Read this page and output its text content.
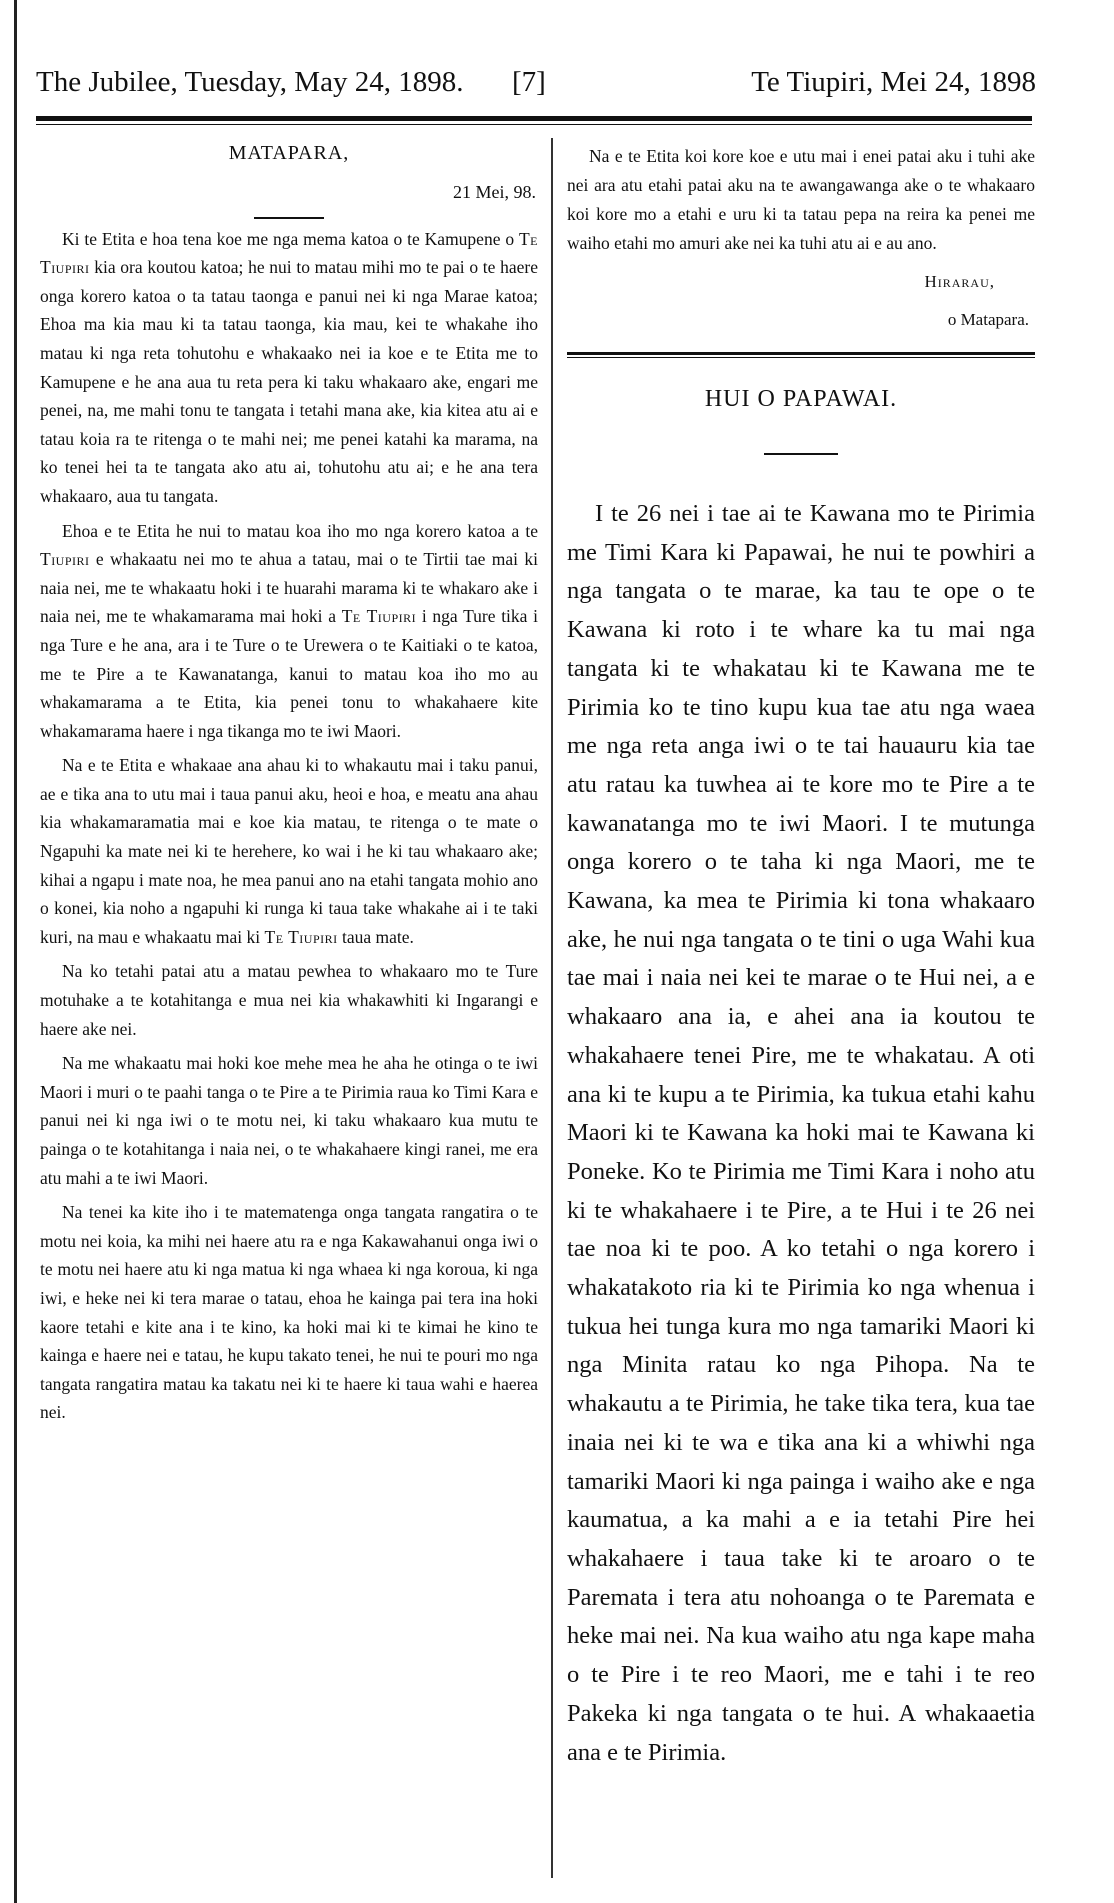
The Jubilee, Tuesday, May 24, 1898. [7]	Te Tiupiri, Mei 24, 1898

MATAPARA,

21 Mei, 98.

Ki te Etita e hoa tena koe me nga mema katoa o te Kamupene o Te Tiupiri kia ora koutou katoa; he nui to matau mihi mo te pai o te haere onga korero katoa o ta tatau taonga e panui nei ki nga Marae katoa; Ehoa ma kia mau ki ta tatau taonga, kia mau, kei te whakahe iho matau ki nga reta tohutohu e whakaako nei ia koe e te Etita me to Kamupene e he ana aua tu reta pera ki taku whakaaro ake, engari me penei, na, me mahi tonu te tangata i tetahi mana ake, kia kitea atu ai e tatau koia ra te ritenga o te mahi nei; me penei katahi ka marama, na ko tenei hei ta te tangata ako atu ai, tohutohu atu ai; e he ana tera whakaaro, aua tu tangata.

Ehoa e te Etita he nui to matau koa iho mo nga korero katoa a te Tiupiri e whakaatu nei mo te ahua a tatau, mai o te Tirtii tae mai ki naia nei, me te whakaatu hoki i te huarahi marama ki te whakaro ake i naia nei, me te whakamarama mai hoki a Te Tiupiri i nga Ture tika i nga Ture e he ana, ara i te Ture o te Urewera o te Kaitiaki o te katoa, me te Pire a te Kawanatanga, kanui to matau koa iho mo au whakamarama a te Etita, kia penei tonu to whakahaere kite whakamarama haere i nga tikanga mo te iwi Maori.

Na e te Etita e whakaae ana ahau ki to whakautu mai i taku panui, ae e tika ana to utu mai i taua panui aku, heoi e hoa, e meatu ana ahau kia whakamaramatia mai e koe kia matau, te ritenga o te mate o Ngapuhi ka mate nei ki te herehere, ko wai i he ki tau whakaaro ake; kihai a ngapu i mate noa, he mea panui ano na etahi tangata mohio ano o konei, kia noho a ngapuhi ki runga ki taua take whakahe ai i te taki kuri, na mau e whakaatu mai ki Te Tiupiri taua mate.

Na ko tetahi patai atu a matau pewhea to whakaaro mo te Ture motuhake a te kotahitanga e mua nei kia whakawhiti ki Ingarangi e haere ake nei.

Na me whakaatu mai hoki koe mehe mea he aha he otinga o te iwi Maori i muri o te paahi tanga o te Pire a te Pirimia raua ko Timi Kara e panui nei ki nga iwi o te motu nei, ki taku whakaaro kua mutu te painga o te kotahitanga i naia nei, o te whakahaere kingi ranei, me era atu mahi a te iwi Maori.

Na tenei ka kite iho i te matematenga onga tangata rangatira o te motu nei koia, ka mihi nei haere atu ra e nga Kakawahanui onga iwi o te motu nei haere atu ki nga matua ki nga whaea ki nga koroua, ki nga iwi, e heke nei ki tera marae o tatau, ehoa he kainga pai tera ina hoki kaore tetahi e kite ana i te kino, ka hoki mai ki te kimai he kino te kainga e haere nei e tatau, he kupu takato tenei, he nui te pouri mo nga tangata rangatira matau ka takatu nei ki te haere ki taua wahi e haerea nei.

Na e te Etita koi kore koe e utu mai i enei patai aku i tuhi ake nei ara atu etahi patai aku na te awangawanga ake o te whakaaro koi kore mo a etahi e uru ki ta tatau pepa na reira ka penei me waiho etahi mo amuri ake nei ka tuhi atu ai e au ano.

Hirarau,
o Matapara.

HUI O PAPAWAI.

I te 26 nei i tae ai te Kawana mo te Pirimia me Timi Kara ki Papawai, he nui te powhiri a nga tangata o te marae, ka tau te ope o te Kawana ki roto i te whare ka tu mai nga tangata ki te whakatau ki te Kawana me te Pirimia ko te tino kupu kua tae atu nga waea me nga reta anga iwi o te tai hauauru kia tae atu ratau ka tuwhea ai te kore mo te Pire a te kawanatanga mo te iwi Maori. I te mutunga onga korero o te taha ki nga Maori, me te Kawana, ka mea te Pirimia ki tona whakaaro ake, he nui nga tangata o te tini o uga Wahi kua tae mai i naia nei kei te marae o te Hui nei, a e whakaaro ana ia, e ahei ana ia koutou te whakahaere tenei Pire, me te whakatau. A oti ana ki te kupu a te Pirimia, ka tukua etahi kahu Maori ki te Kawana ka hoki mai te Kawana ki Poneke. Ko te Pirimia me Timi Kara i noho atu ki te whakahaere i te Pire, a te Hui i te 26 nei tae noa ki te poo. A ko tetahi o nga korero i whakatakoto ria ki te Pirimia ko nga whenua i tukua hei tunga kura mo nga tamariki Maori ki nga Minita ratau ko nga Pihopa. Na te whakautu a te Pirimia, he take tika tera, kua tae inaia nei ki te wa e tika ana ki a whiwhi nga tamariki Maori ki nga painga i waiho ake e nga kaumatua, a ka mahi a e ia tetahi Pire hei whakahaere i taua take ki te aroaro o te Paremata i tera atu nohoanga o te Paremata e heke mai nei. Na kua waiho atu nga kape maha o te Pire i te reo Maori, me e tahi i te reo Pakeka ki nga tangata o te hui. A whakaaetia ana e te Pirimia.
